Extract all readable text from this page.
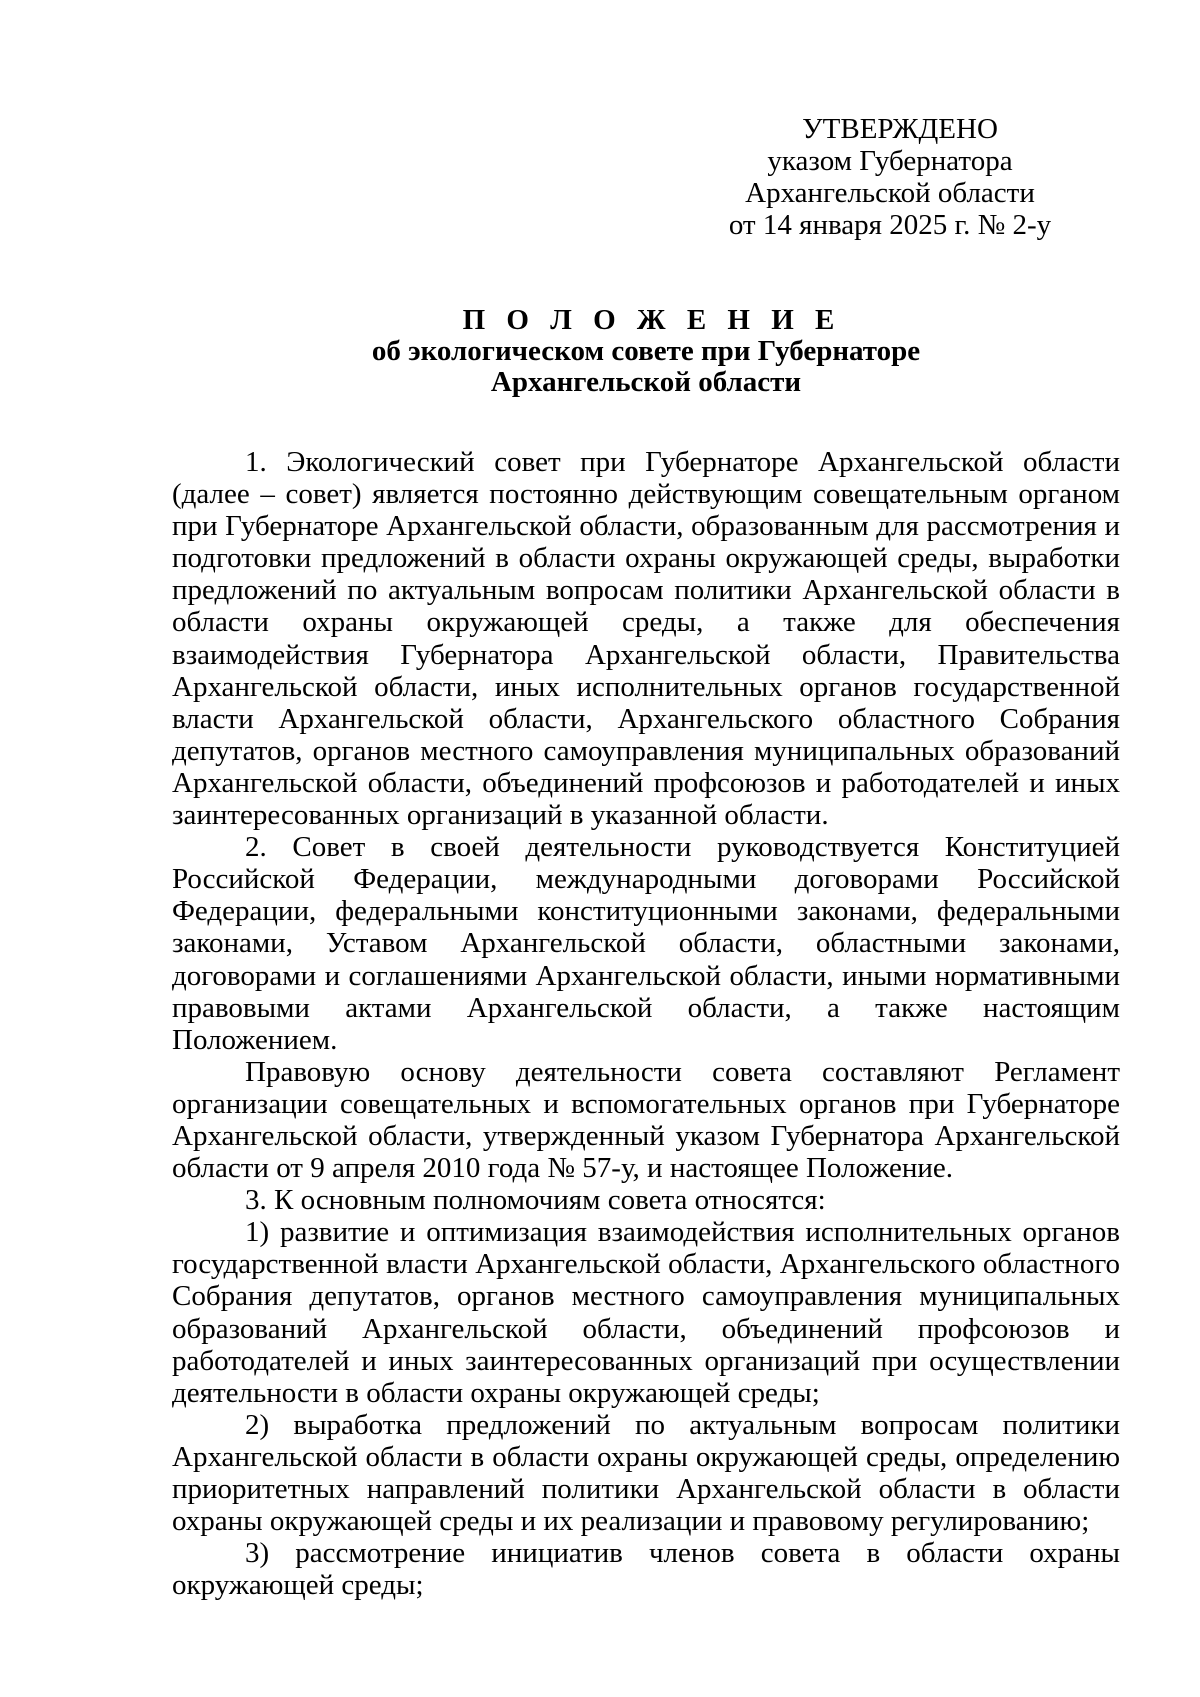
УТВЕРЖДЕНО
указом Губернатора
Архангельской области
от 14 января 2025 г. № 2-у
П О Л О Ж Е Н И Е
об экологическом совете при Губернаторе
Архангельской области

1. Экологический совет при Губернаторе Архангельской области (далее – совет) является постоянно действующим совещательным органом при Губернаторе Архангельской области, образованным для рассмотрения и подготовки предложений в области охраны окружающей среды, выработки предложений по актуальным вопросам политики Архангельской области в области охраны окружающей среды, а также для обеспечения взаимодействия Губернатора Архангельской области, Правительства Архангельской области, иных исполнительных органов государственной власти Архангельской области, Архангельского областного Собрания депутатов, органов местного самоуправления муниципальных образований Архангельской области, объединений профсоюзов и работодателей и иных заинтересованных организаций в указанной области.

2. Совет в своей деятельности руководствуется Конституцией Российской Федерации, международными договорами Российской Федерации, федеральными конституционными законами, федеральными законами, Уставом Архангельской области, областными законами, договорами и соглашениями Архангельской области, иными нормативными правовыми актами Архангельской области, а также настоящим Положением.

Правовую основу деятельности совета составляют Регламент организации совещательных и вспомогательных органов при Губернаторе Архангельской области, утвержденный указом Губернатора Архангельской области от 9 апреля 2010 года № 57-у, и настоящее Положение.

3. К основным полномочиям совета относятся:

1) развитие и оптимизация взаимодействия исполнительных органов государственной власти Архангельской области, Архангельского областного Собрания депутатов, органов местного самоуправления муниципальных образований Архангельской области, объединений профсоюзов и работодателей и иных заинтересованных организаций при осуществлении деятельности в области охраны окружающей среды;

2) выработка предложений по актуальным вопросам политики Архангельской области в области охраны окружающей среды, определению приоритетных направлений политики Архангельской области в области охраны окружающей среды и их реализации и правовому регулированию;

3) рассмотрение инициатив членов совета в области охраны окружающей среды;
